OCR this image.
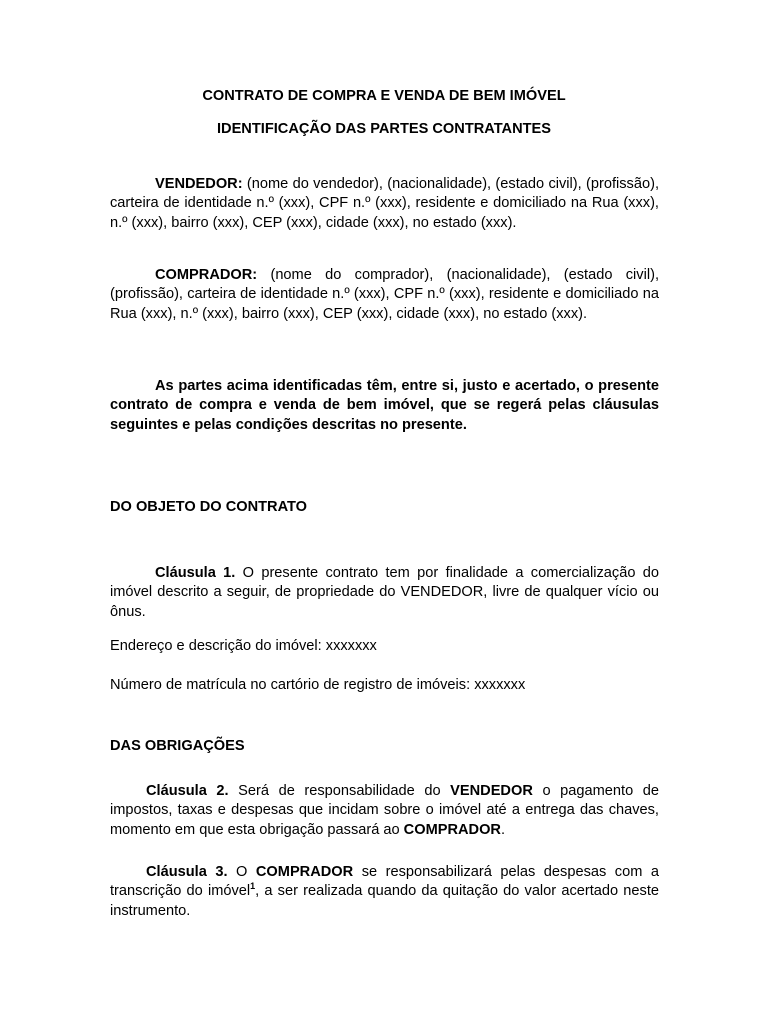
CONTRATO DE COMPRA E VENDA DE BEM IMÓVEL
IDENTIFICAÇÃO DAS PARTES CONTRATANTES

VENDEDOR: (nome do vendedor), (nacionalidade), (estado civil), (profissão), carteira de identidade n.º (xxx), CPF n.º (xxx), residente e domiciliado na Rua (xxx), n.º (xxx), bairro (xxx), CEP (xxx), cidade (xxx), no estado (xxx).

COMPRADOR: (nome do comprador), (nacionalidade), (estado civil), (profissão), carteira de identidade n.º (xxx), CPF n.º (xxx), residente e domiciliado na Rua (xxx), n.º (xxx), bairro (xxx), CEP (xxx), cidade (xxx), no estado (xxx).

As partes acima identificadas têm, entre si, justo e acertado, o presente contrato de compra e venda de bem imóvel, que se regerá pelas cláusulas seguintes e pelas condições descritas no presente.

DO OBJETO DO CONTRATO

Cláusula 1. O presente contrato tem por finalidade a comercialização do imóvel descrito a seguir, de propriedade do VENDEDOR, livre de qualquer vício ou ônus.

Endereço e descrição do imóvel: xxxxxxx
Número de matrícula no cartório de registro de imóveis: xxxxxxx
DAS OBRIGAÇÕES

Cláusula 2. Será de responsabilidade do VENDEDOR o pagamento de impostos, taxas e despesas que incidam sobre o imóvel até a entrega das chaves, momento em que esta obrigação passará ao COMPRADOR.

Cláusula 3. O COMPRADOR se responsabilizará pelas despesas com a transcrição do imóvel$^1$, a ser realizada quando da quitação do valor acertado neste instrumento.
